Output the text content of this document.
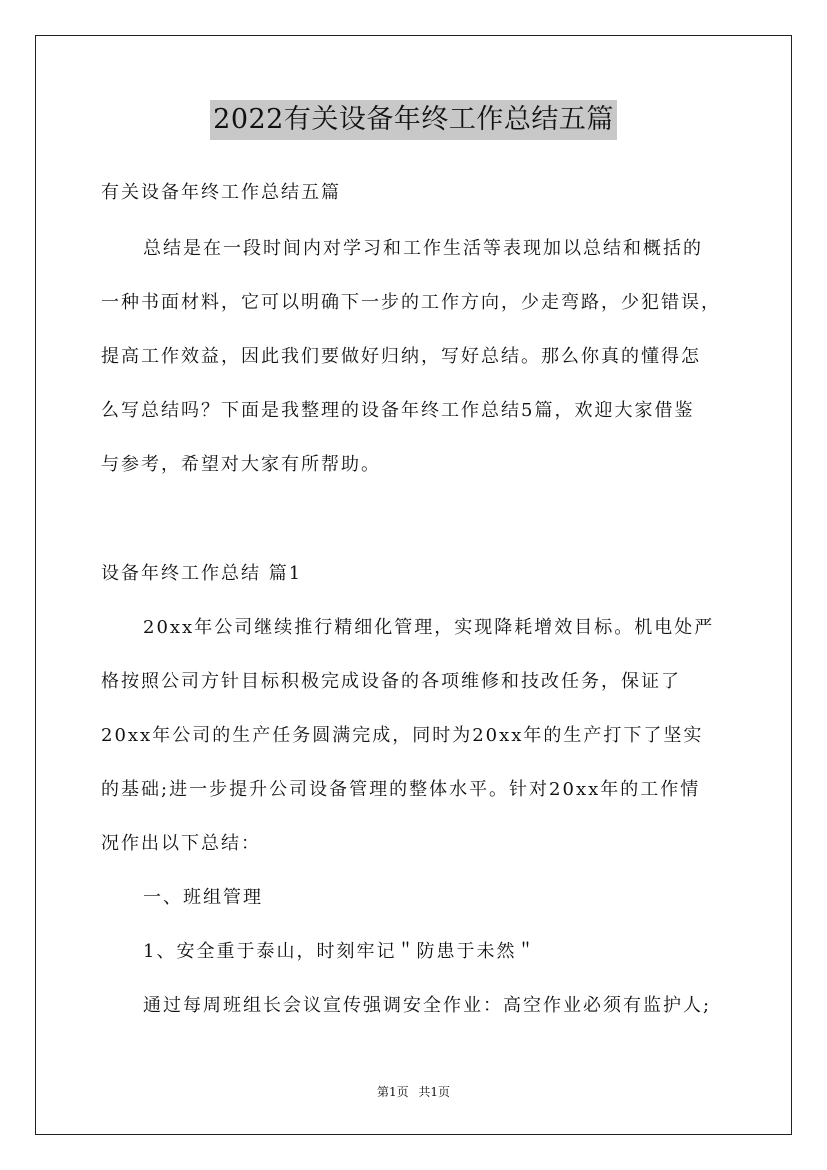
2022有关设备年终工作总结五篇
有关设备年终工作总结五篇
总结是在一段时间内对学习和工作生活等表现加以总结和概括的
一种书面材料，它可以明确下一步的工作方向，少走弯路，少犯错误，
提高工作效益，因此我们要做好归纳，写好总结。那么你真的懂得怎
么写总结吗？下面是我整理的设备年终工作总结5篇，欢迎大家借鉴
与参考，希望对大家有所帮助。
设备年终工作总结 篇1
20xx年公司继续推行精细化管理，实现降耗增效目标。机电处严
格按照公司方针目标积极完成设备的各项维修和技改任务，保证了
20xx年公司的生产任务圆满完成，同时为20xx年的生产打下了坚实
的基础;进一步提升公司设备管理的整体水平。针对20xx年的工作情
况作出以下总结：
一、班组管理
1、安全重于泰山，时刻牢记＂防患于未然＂
通过每周班组长会议宣传强调安全作业：高空作业必须有监护人;
第1页 共1页
